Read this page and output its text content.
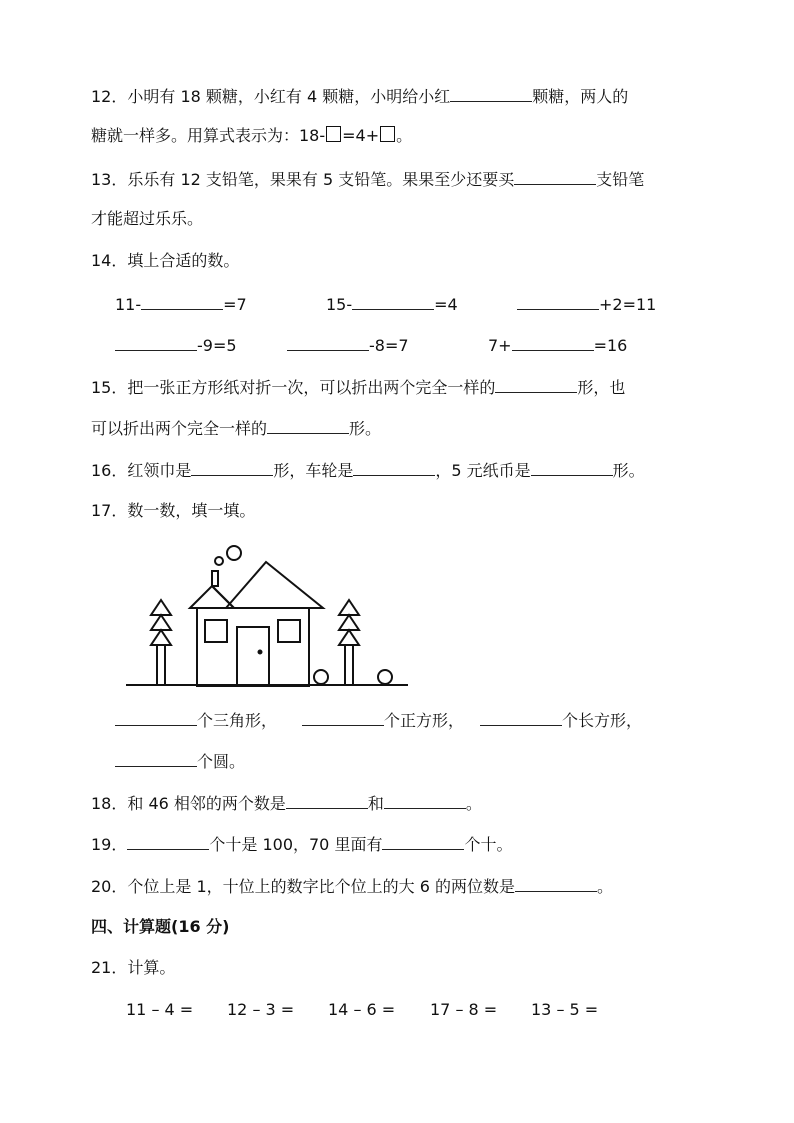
12．小明有 18 颗糖，小红有 4 颗糖，小明给小红	颗糖，两人的
糖就一样多。用算式表示为：18- =4+ 。
13．乐乐有 12 支铅笔，果果有 5 支铅笔。果果至少还要买	支铅笔
才能超过乐乐。
14．填上合适的数。
11-	=7	15-	=4	+2=11
-9=5	-8=7	7+	=16
15．把一张正方形纸对折一次，可以折出两个完全一样的	形，也
可以折出两个完全一样的	形。
16．红领巾是	形，车轮是	，5 元纸币是	形。
17．数一数，填一填。
个三角形，	个正方形，	个长方形，
个圆。
18．和 46 相邻的两个数是	和	。
19．	个十是 100，70 里面有	个十。
20．个位上是 1，十位上的数字比个位上的大 6 的两位数是	。
四、计算题(16 分)
21．计算。
11 – 4 = 12 – 3 = 14 – 6 = 17 – 8 = 13 – 5 =
